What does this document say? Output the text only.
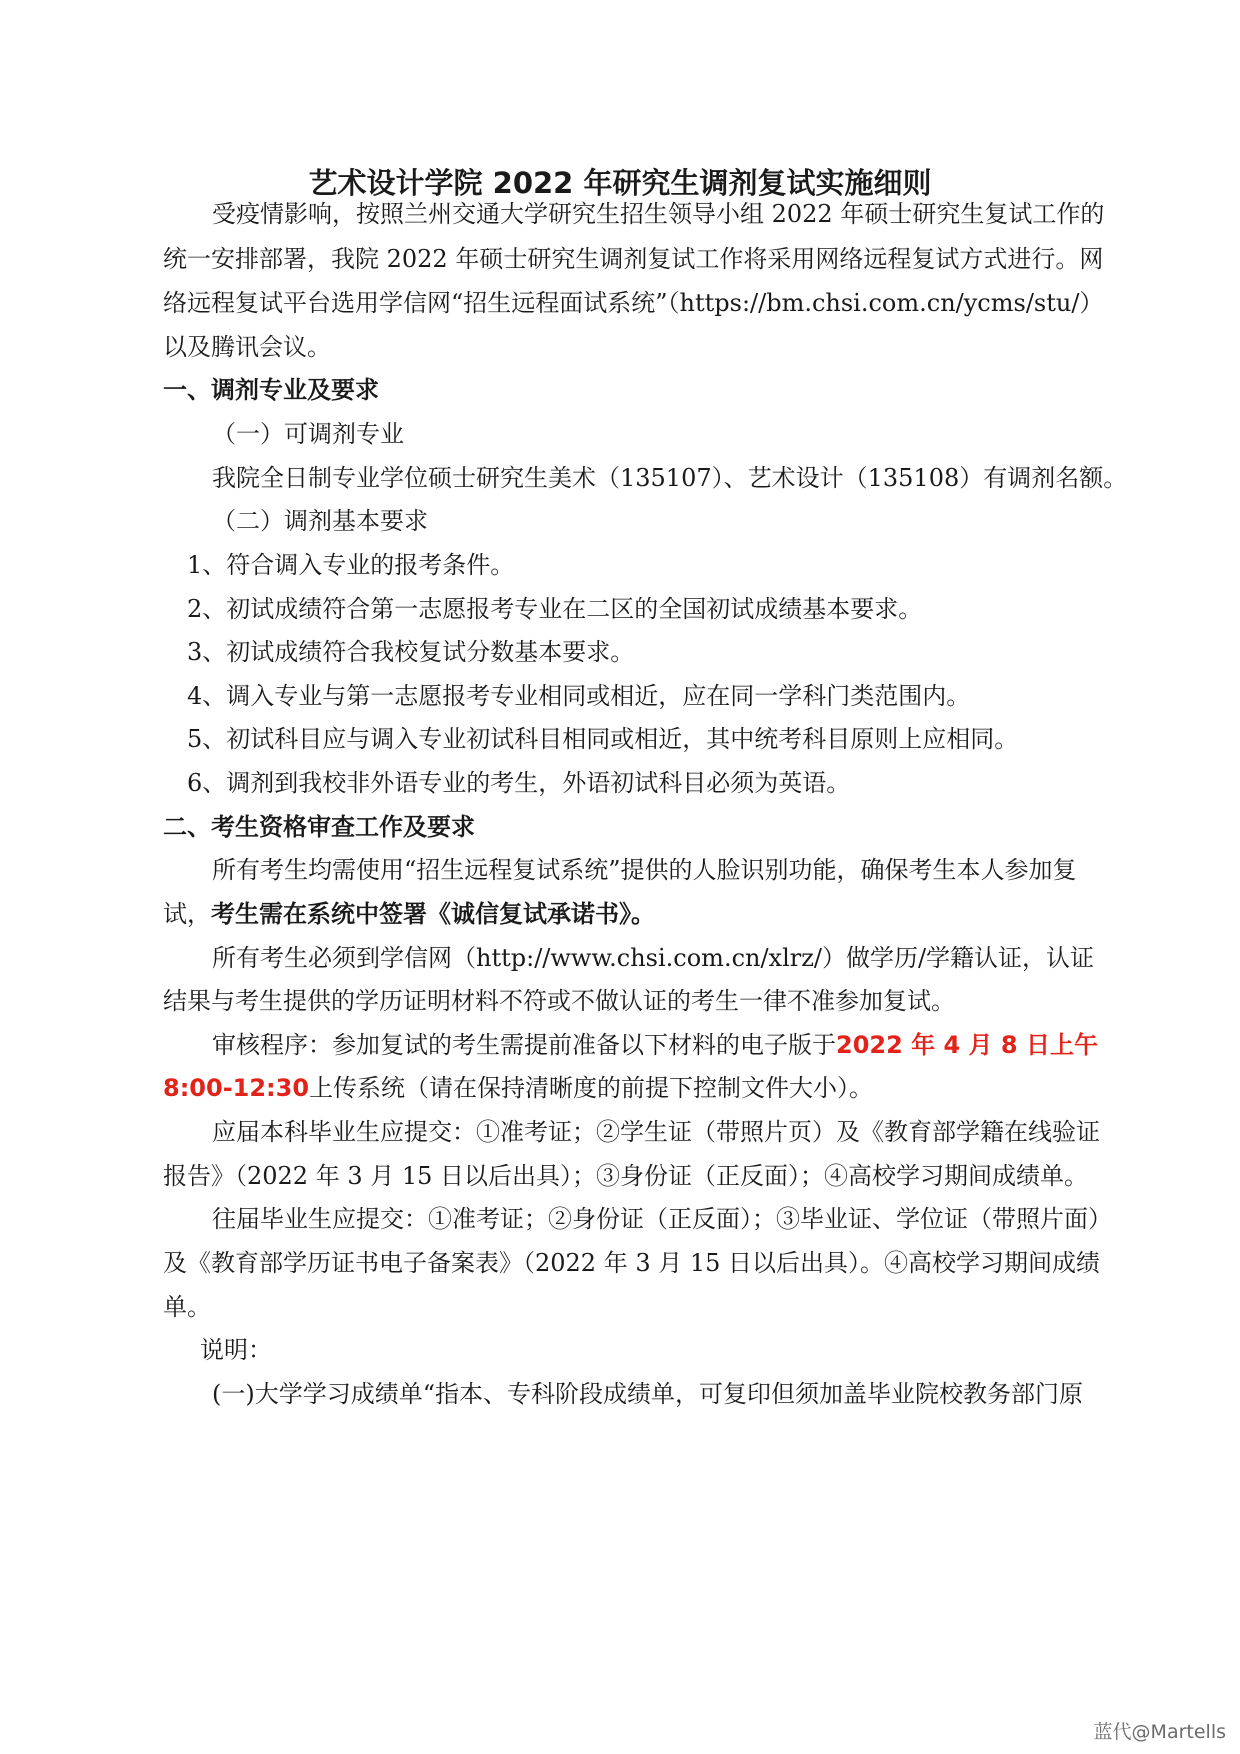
艺术设计学院 2022 年研究生调剂复试实施细则
受疫情影响，按照兰州交通大学研究生招生领导小组 2022 年硕士研究生复试工作的
统一安排部署，我院 2022 年硕士研究生调剂复试工作将采用网络远程复试方式进行。网
络远程复试平台选用学信网“招生远程面试系统”（https://bm.chsi.com.cn/ycms/stu/）
以及腾讯会议。
一、调剂专业及要求
（一）可调剂专业
我院全日制专业学位硕士研究生美术（135107）、艺术设计（135108）有调剂名额。
（二）调剂基本要求
1、符合调入专业的报考条件。
2、初试成绩符合第一志愿报考专业在二区的全国初试成绩基本要求。
3、初试成绩符合我校复试分数基本要求。
4、调入专业与第一志愿报考专业相同或相近，应在同一学科门类范围内。
5、初试科目应与调入专业初试科目相同或相近，其中统考科目原则上应相同。
6、调剂到我校非外语专业的考生，外语初试科目必须为英语。
二、考生资格审查工作及要求
所有考生均需使用“招生远程复试系统”提供的人脸识别功能，确保考生本人参加复
试，考生需在系统中签署《诚信复试承诺书》。
所有考生必须到学信网（http://www.chsi.com.cn/xlrz/）做学历/学籍认证，认证
结果与考生提供的学历证明材料不符或不做认证的考生一律不准参加复试。
审核程序：参加复试的考生需提前准备以下材料的电子版于2022 年 4 月 8 日上午
8:00-12:30上传系统（请在保持清晰度的前提下控制文件大小）。
应届本科毕业生应提交：①准考证；②学生证（带照片页）及《教育部学籍在线验证
报告》（2022 年 3 月 15 日以后出具）；③身份证（正反面）；④高校学习期间成绩单。
往届毕业生应提交：①准考证；②身份证（正反面）；③毕业证、学位证（带照片面）
及《教育部学历证书电子备案表》（2022 年 3 月 15 日以后出具）。④高校学习期间成绩
单。
说明：
(一)大学学习成绩单“指本、专科阶段成绩单，可复印但须加盖毕业院校教务部门原
蓝代@Martells
